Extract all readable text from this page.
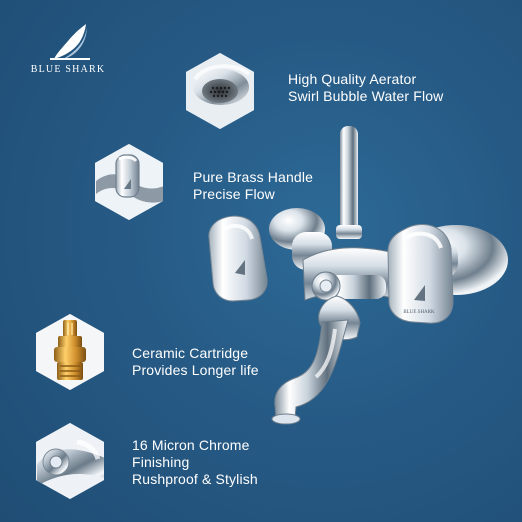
BLUE SHARK
High Quality Aerator
Swirl Bubble Water Flow
Pure Brass Handle
Precise Flow
Ceramic Cartridge
Provides Longer life
16 Micron Chrome
Finishing
Rushproof & Stylish
BLUE SHARK
